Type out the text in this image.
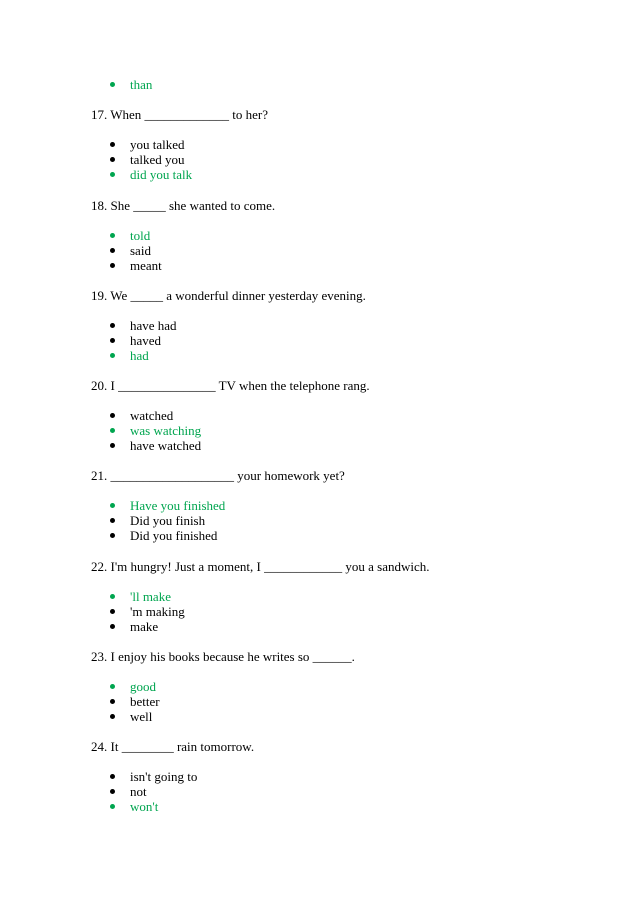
than
17. When _____________ to her?
you talked
talked you
did you talk
18. She _____ she wanted to come.
told
said
meant
19. We _____ a wonderful dinner yesterday evening.
have had
haved
had
20. I _______________ TV when the telephone rang.
watched
was watching
have watched
21. ___________________ your homework yet?
Have you finished
Did you finish
Did you finished
22. I'm hungry! Just a moment, I ____________ you a sandwich.
'll make
'm making
make
23. I enjoy his books because he writes so ______.
good
better
well
24. It ________ rain tomorrow.
isn't going to
not
won't
